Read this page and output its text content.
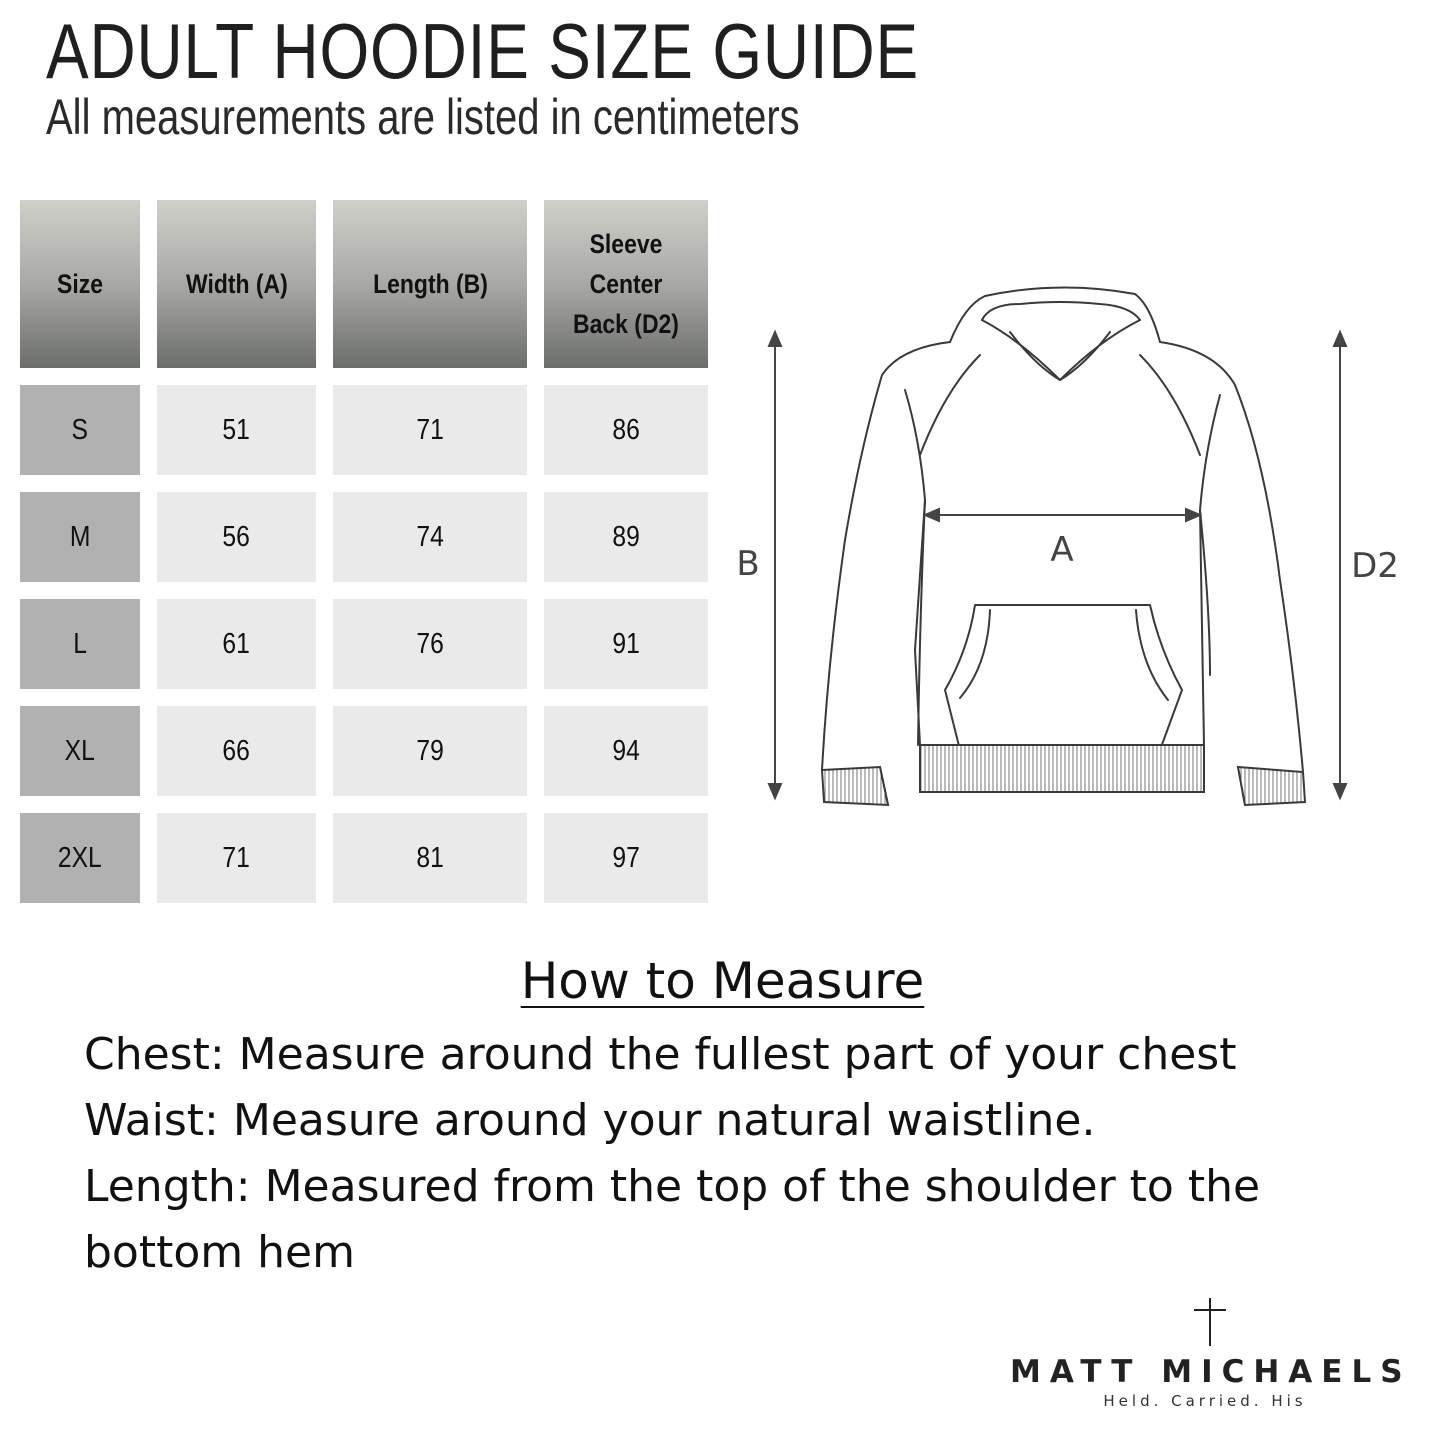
ADULT HOODIE SIZE GUIDE
All measurements are listed in centimeters
Size	Width (A)	Length (B)	Sleeve Center Back (D2)
S	51	71	86
M	56	74	89
L	61	76	91
XL	66	79	94
2XL	71	81	97
B	D2
A
How to Measure

Chest: Measure around the fullest part of your chest

Waist: Measure around your natural waistline.

Length: Measured from the top of the shoulder to the bottom hem

MATT MICHAELS
Held. Carried. His
